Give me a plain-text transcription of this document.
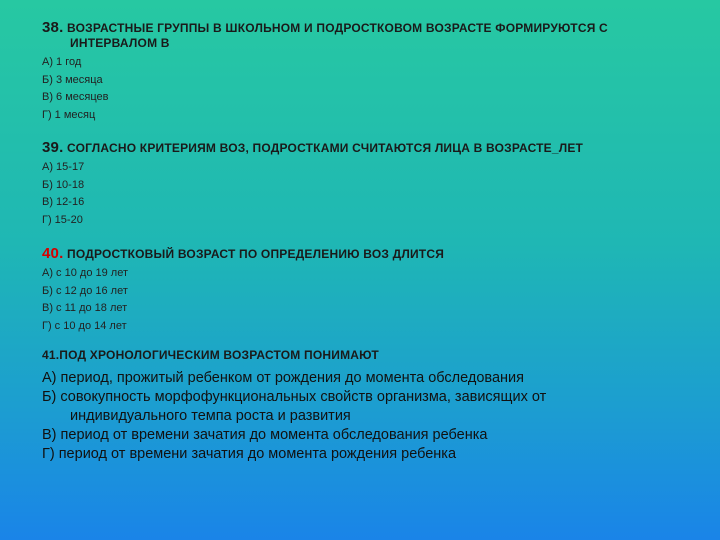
38. ВОЗРАСТНЫЕ ГРУППЫ В ШКОЛЬНОМ И ПОДРОСТКОВОМ ВОЗРАСТЕ ФОРМИРУЮТСЯ С
ИНТЕРВАЛОМ В
А) 1 год
Б) 3 месяца
В) 6 месяцев
Г) 1 месяц
39. СОГЛАСНО КРИТЕРИЯМ ВОЗ, ПОДРОСТКАМИ СЧИТАЮТСЯ ЛИЦА В ВОЗРАСТЕ_ЛЕТ
А) 15-17
Б) 10-18
В) 12-16
Г) 15-20
40. ПОДРОСТКОВЫЙ ВОЗРАСТ ПО ОПРЕДЕЛЕНИЮ ВОЗ ДЛИТСЯ
А) с 10 до 19 лет
Б) с 12 до 16 лет
В) с 11 до 18 лет
Г) с 10 до 14 лет
41.ПОД ХРОНОЛОГИЧЕСКИМ ВОЗРАСТОМ ПОНИМАЮТ
А) период, прожитый ребенком от рождения до момента обследования
Б) совокупность морфофункциональных свойств организма, зависящих от
индивидуального темпа роста и развития
В) период от времени зачатия до момента обследования ребенка
Г) период от времени зачатия до момента рождения ребенка
